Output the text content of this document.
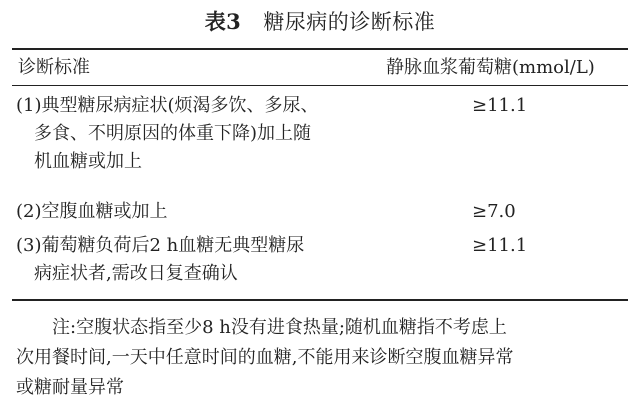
表3 糖尿病的诊断标准
诊断标准	静脉血浆葡萄糖(mmol/L)
(1)典型糖尿病症状(烦渴多饮、多尿、
多食、不明原因的体重下降)加上随
机血糖或加上
≥11.1
(2)空腹血糖或加上	≥7.0
(3)葡萄糖负荷后2 h血糖无典型糖尿
病症状者,需改日复查确认
≥11.1
注:空腹状态指至少8 h没有进食热量;随机血糖指不考虑上
次用餐时间,一天中任意时间的血糖,不能用来诊断空腹血糖异常
或糖耐量异常
